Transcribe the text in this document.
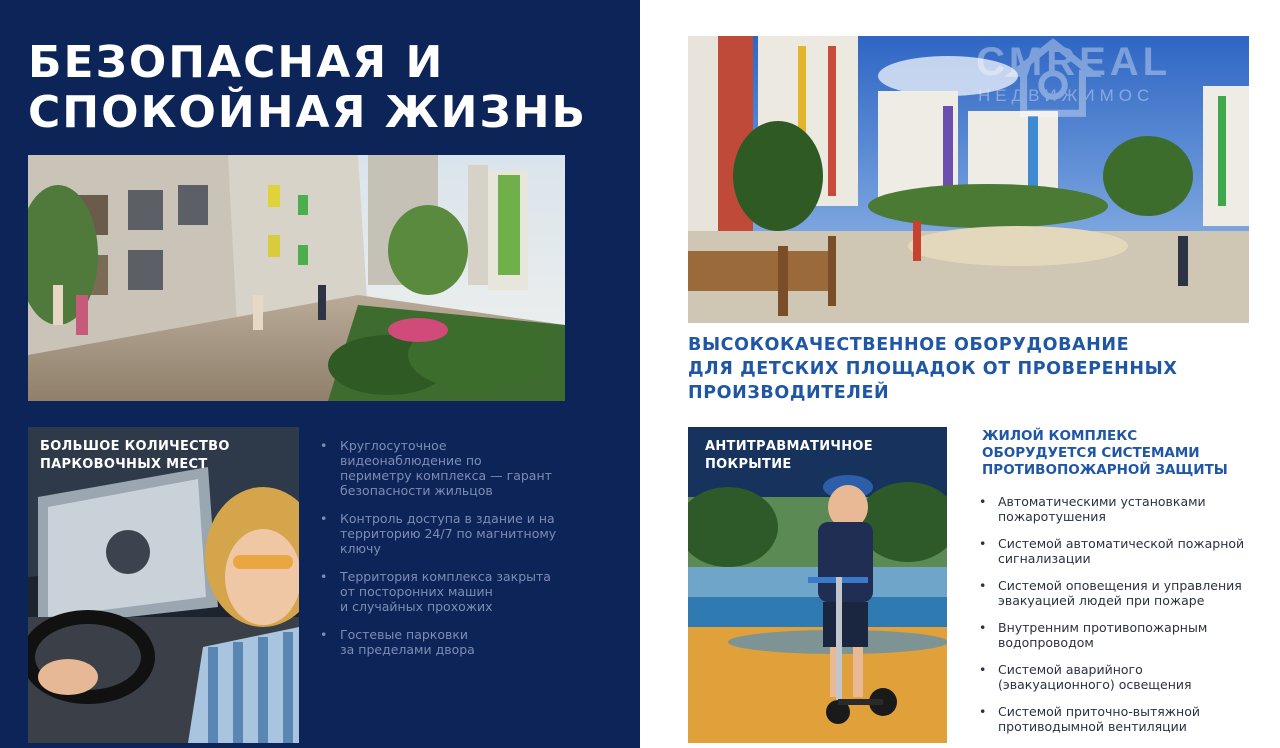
БЕЗОПАСНАЯ И
СПОКОЙНАЯ ЖИЗНЬ
БОЛЬШОЕ КОЛИЧЕСТВО
ПАРКОВОЧНЫХ МЕСТ
• Круглосуточное
видеонаблюдение по
периметру комплекса — гарант
безопасности жильцов
• Контроль доступа в здание и на
территорию 24/7 по магнитному
ключу
• Территория комплекса закрыта
от посторонних машин
и случайных прохожих
• Гостевые парковки
за пределами двора
CMREAL
НЕДВИЖИМОС
ВЫСОКОКАЧЕСТВЕННОЕ ОБОРУДОВАНИЕ
ДЛЯ ДЕТСКИХ ПЛОЩАДОК ОТ ПРОВЕРЕННЫХ
ПРОИЗВОДИТЕЛЕЙ
АНТИТРАВМАТИЧНОЕ
ПОКРЫТИЕ
ЖИЛОЙ КОМПЛЕКС
ОБОРУДУЕТСЯ СИСТЕМАМИ
ПРОТИВОПОЖАРНОЙ ЗАЩИТЫ
• Автоматическими установками
пожаротушения
• Системой автоматической пожарной
сигнализации
• Системой оповещения и управления
эвакуацией людей при пожаре
• Внутренним противопожарным
водопроводом
• Системой аварийного
(эвакуационного) освещения
• Системой приточно-вытяжной
противодымной вентиляции
